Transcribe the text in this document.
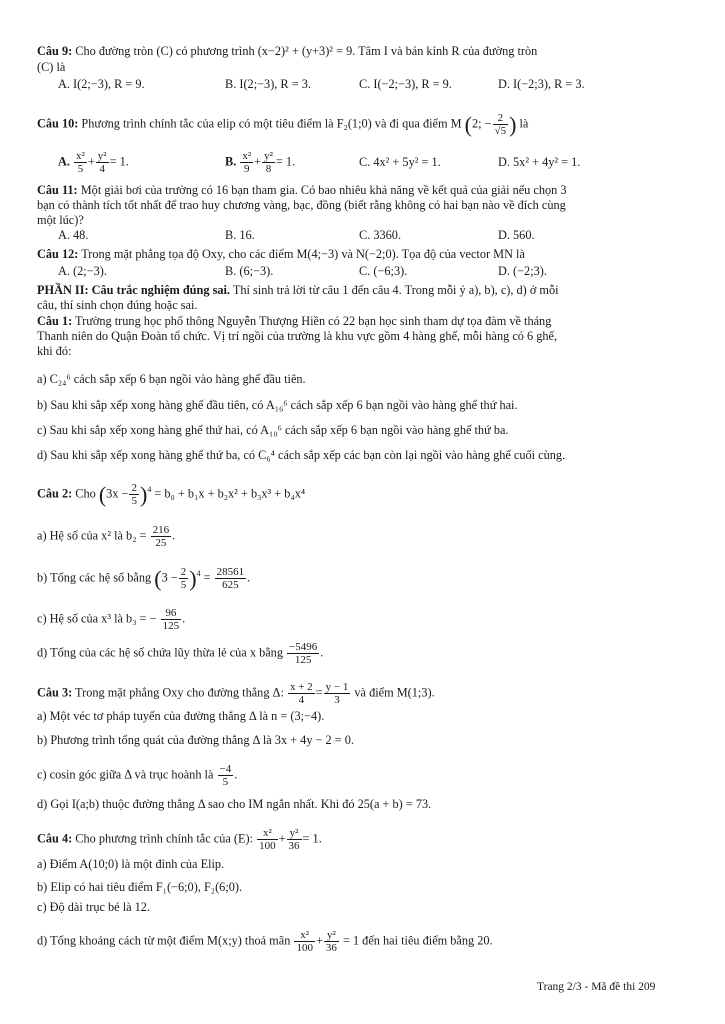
Câu 9: Cho đường tròn (C) có phương trình (x−2)² + (y+3)² = 9. Tâm I và bán kính R của đường tròn
(C) là
A. I(2;−3), R = 9.	B. I(2;−3), R = 3.	C. I(−2;−3), R = 9.	D. I(−2;3), R = 3.
Câu 10: Phương trình chính tắc của elip có một tiêu điểm là F₂(1;0) và đi qua điểm M (2; − $\frac{2}{√5}$ ) là
A. $\frac{\text{x²}}{5} + \frac{\text{y²}}{4} = 1$.	B. $\frac{\text{x²}}{9} + \frac{\text{y²}}{8} = 1$.	C. 4x² + 5y² = 1.	D. 5x² + 4y² = 1.
Câu 11: Một giải bơi của trường có 16 bạn tham gia. Có bao nhiêu khả năng về kết quả của giải nếu chọn 3
bạn có thành tích tốt nhất để trao huy chương vàng, bạc, đồng (biết rằng không có hai bạn nào về đích cùng
một lúc)?
A. 48.	B. 16.	C. 3360.	D. 560.
Câu 12: Trong mặt phẳng tọa độ Oxy, cho các điểm M(4;−3) và N(−2;0). Tọa độ của vector MN là
A. (2;−3).	B. (6;−3).	C. (−6;3).	D. (−2;3).
PHẦN II: Câu trắc nghiệm đúng sai. Thí sinh trả lời từ câu 1 đến câu 4. Trong mỗi ý a), b), c), d) ở mỗi
câu, thí sinh chọn đúng hoặc sai.
Câu 1: Trường trung học phổ thông Nguyễn Thượng Hiền có 22 bạn học sinh tham dự tọa đàm về tháng
Thanh niên do Quận Đoàn tổ chức. Vị trí ngồi của trường là khu vực gồm 4 hàng ghế, mỗi hàng có 6 ghế,
khi đó:
a) C₂₄⁶ cách sắp xếp 6 bạn ngồi vào hàng ghế đầu tiên.
b) Sau khi sắp xếp xong hàng ghế đầu tiên, có A₁₆⁶ cách sắp xếp 6 bạn ngồi vào hàng ghế thứ hai.
c) Sau khi sắp xếp xong hàng ghế thứ hai, có A₁₀⁶ cách sắp xếp 6 bạn ngồi vào hàng ghế thứ ba.
d) Sau khi sắp xếp xong hàng ghế thứ ba, có C₆⁴ cách sắp xếp các bạn còn lại ngồi vào hàng ghế cuối cùng.
Câu 2: Cho $(3x - \frac{2}{5} )^4 = b_0 + b_1x + b_2x^2 + b_3x^3 + b_4x^4$
a) Hệ số của x² là $b_2 = \frac{216}{25}$ .
b) Tổng các hệ số bằng $(3 - \frac{2}{5} )^4 = \frac{28561}{625}$ .
c) Hệ số của x³ là b₃ = − $\frac{96}{125}$ .
d) Tổng của các hệ số chứa lũy thừa lẻ của x bằng $\frac{-5496}{125}$ .
Câu 3: Trong mặt phẳng Oxy cho đường thẳng Δ: $\frac{x + 2}{4} = \frac{y - 1}{3}$ và điểm M(1;3).
a) Một véc tơ pháp tuyến của đường thẳng Δ là n = (3;−4).
b) Phương trình tổng quát của đường thẳng Δ là 3x + 4y − 2 = 0.
c) cosin góc giữa Δ và trục hoành là $\frac{-4}{5}$ .
d) Gọi I(a;b) thuộc đường thẳng Δ sao cho IM ngắn nhất. Khi đó 25(a + b) = 73.
Câu 4: Cho phương trình chính tắc của (E): $\frac{\text{x²}}{100} + \frac{\text{y²}}{36} = 1$.
a) Điểm A(10;0) là một đỉnh của Elip.
b) Elip có hai tiêu điểm F₁(−6;0), F₂(6;0).
c) Độ dài trục bé là 12.
d) Tổng khoảng cách từ một điểm M(x;y) thoả mãn $\frac{\text{x²}}{100} + \frac{\text{y²}}{36} = 1$ đến hai tiêu điểm bằng 20.
Trang 2/3 - Mã đề thi 209
